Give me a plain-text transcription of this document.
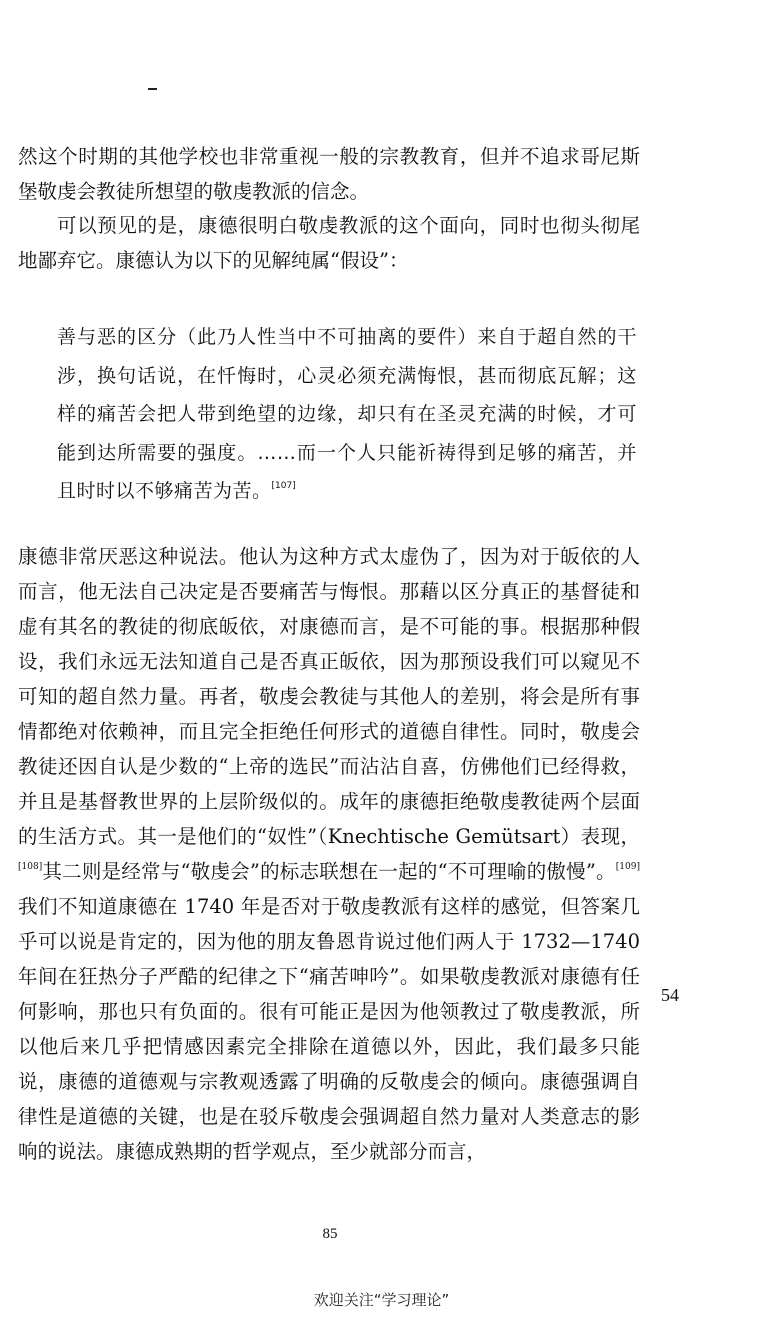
然这个时期的其他学校也非常重视一般的宗教教育，但并不追求哥尼斯堡敬虔会教徒所想望的敬虔教派的信念。

可以预见的是，康德很明白敬虔教派的这个面向，同时也彻头彻尾地鄙弃它。康德认为以下的见解纯属“假设”：

善与恶的区分（此乃人性当中不可抽离的要件）来自于超自然的干涉，换句话说，在忏悔时，心灵必须充满悔恨，甚而彻底瓦解；这样的痛苦会把人带到绝望的边缘，却只有在圣灵充满的时候，才可能到达所需要的强度。……而一个人只能祈祷得到足够的痛苦，并且时时以不够痛苦为苦。[107]

康德非常厌恶这种说法。他认为这种方式太虚伪了，因为对于皈依的人而言，他无法自己决定是否要痛苦与悔恨。那藉以区分真正的基督徒和虚有其名的教徒的彻底皈依，对康德而言，是不可能的事。根据那种假设，我们永远无法知道自己是否真正皈依，因为那预设我们可以窥见不可知的超自然力量。再者，敬虔会教徒与其他人的差别，将会是所有事情都绝对依赖神，而且完全拒绝任何形式的道德自律性。同时，敬虔会教徒还因自认是少数的“上帝的选民”而沾沾自喜，仿佛他们已经得救，并且是基督教世界的上层阶级似的。成年的康德拒绝敬虔教徒两个层面的生活方式。其一是他们的“奴性”（Knechtische Gemütsart）表现，[108]其二则是经常与“敬虔会”的标志联想在一起的“不可理喻的傲慢”。[109]我们不知道康德在 1740 年是否对于敬虔教派有这样的感觉，但答案几乎可以说是肯定的，因为他的朋友鲁恩肯说过他们两人于 1732—1740 年间在狂热分子严酷的纪律之下“痛苦呻吟”。如果敬虔教派对康德有任何影响，那也只有负面的。很有可能正是因为他领教过了敬虔教派，所以他后来几乎把情感因素完全排除在道德以外，因此，我们最多只能说，康德的道德观与宗教观透露了明确的反敬虔会的倾向。康德强调自律性是道德的关键，也是在驳斥敬虔会强调超自然力量对人类意志的影响的说法。康德成熟期的哲学观点，至少就部分而言，

54
85
欢迎关注“学习理论”
